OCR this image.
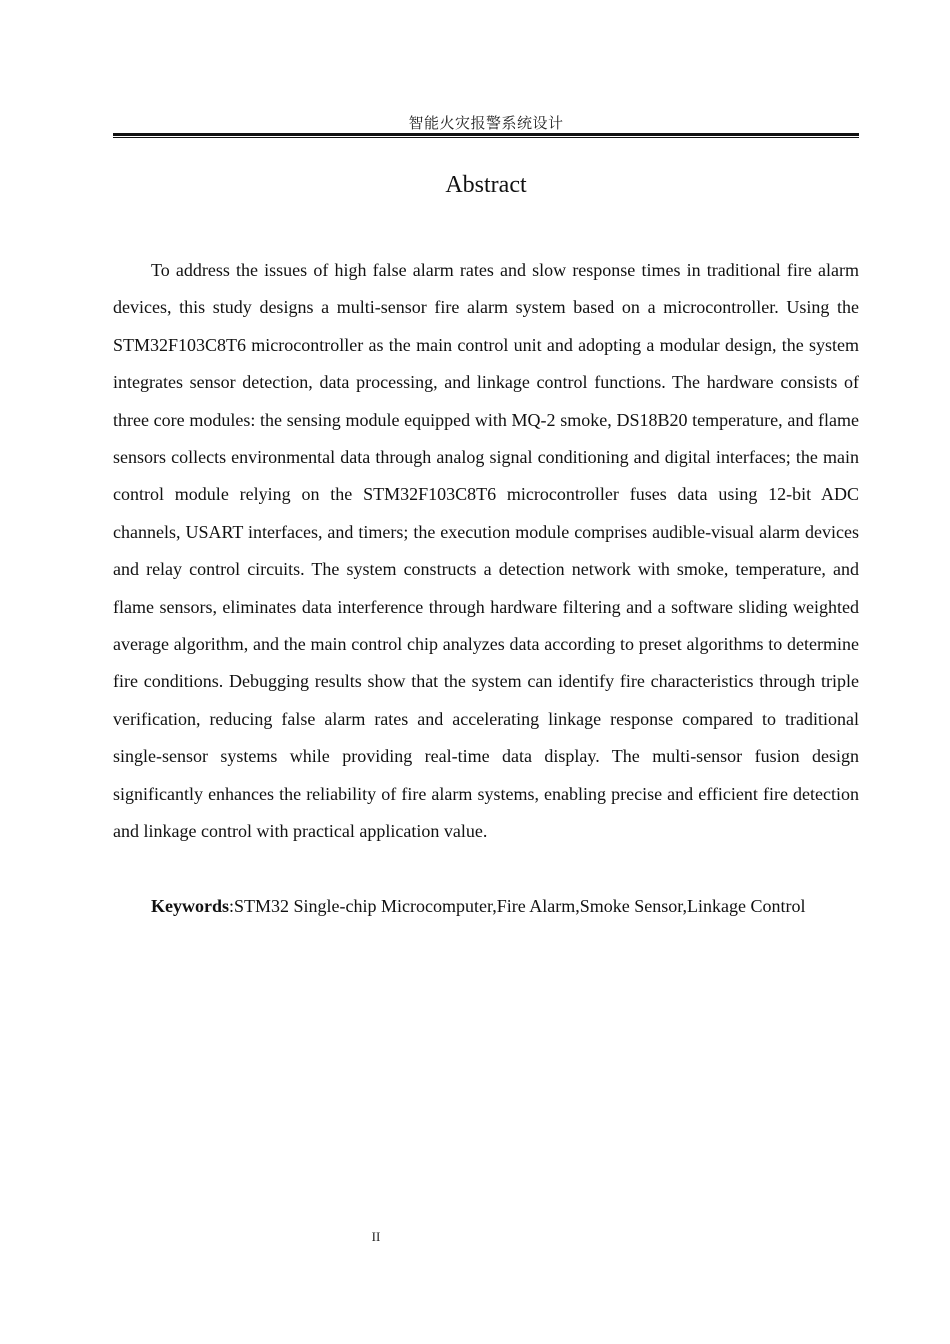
智能火灾报警系统设计
Abstract

To address the issues of high false alarm rates and slow response times in traditional fire alarm devices, this study designs a multi-sensor fire alarm system based on a microcontroller. Using the STM32F103C8T6 microcontroller as the main control unit and adopting a modular design, the system integrates sensor detection, data processing, and linkage control functions. The hardware consists of three core modules: the sensing module equipped with MQ-2 smoke, DS18B20 temperature, and flame sensors collects environmental data through analog signal conditioning and digital interfaces; the main control module relying on the STM32F103C8T6 microcontroller fuses data using 12-bit ADC channels, USART interfaces, and timers; the execution module comprises audible-visual alarm devices and relay control circuits. The system constructs a detection network with smoke, temperature, and flame sensors, eliminates data interference through hardware filtering and a software sliding weighted average algorithm, and the main control chip analyzes data according to preset algorithms to determine fire conditions. Debugging results show that the system can identify fire characteristics through triple verification, reducing false alarm rates and accelerating linkage response compared to traditional single-sensor systems while providing real-time data display. The multi-sensor fusion design significantly enhances the reliability of fire alarm systems, enabling precise and efficient fire detection and linkage control with practical application value.

Keywords:STM32 Single-chip Microcomputer,Fire Alarm,Smoke Sensor,Linkage Control

II
